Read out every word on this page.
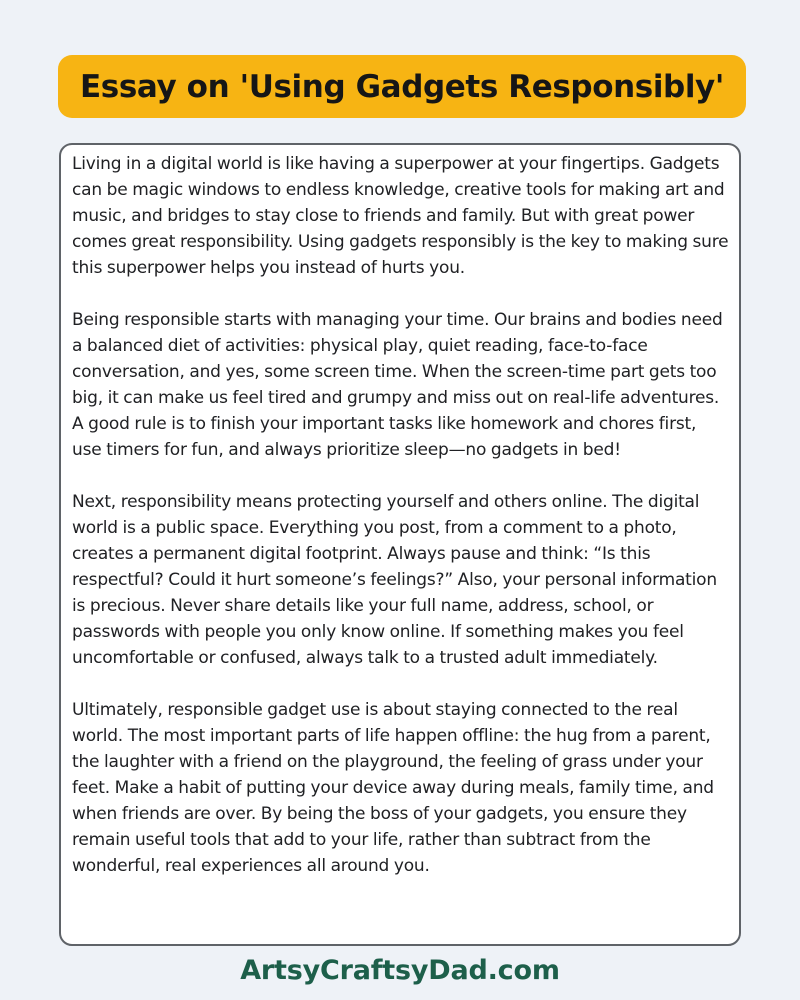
Essay on 'Using Gadgets Responsibly'

Living in a digital world is like having a superpower at your fingertips. Gadgets can be magic windows to endless knowledge, creative tools for making art and music, and bridges to stay close to friends and family. But with great power comes great responsibility. Using gadgets responsibly is the key to making sure this superpower helps you instead of hurts you.

Being responsible starts with managing your time. Our brains and bodies need a balanced diet of activities: physical play, quiet reading, face-to-face conversation, and yes, some screen time. When the screen-time part gets too big, it can make us feel tired and grumpy and miss out on real-life adventures. A good rule is to finish your important tasks like homework and chores first, use timers for fun, and always prioritize sleep—no gadgets in bed!

Next, responsibility means protecting yourself and others online. The digital world is a public space. Everything you post, from a comment to a photo, creates a permanent digital footprint. Always pause and think: “Is this respectful? Could it hurt someone’s feelings?” Also, your personal information is precious. Never share details like your full name, address, school, or passwords with people you only know online. If something makes you feel uncomfortable or confused, always talk to a trusted adult immediately.

Ultimately, responsible gadget use is about staying connected to the real world. The most important parts of life happen offline: the hug from a parent, the laughter with a friend on the playground, the feeling of grass under your feet. Make a habit of putting your device away during meals, family time, and when friends are over. By being the boss of your gadgets, you ensure they remain useful tools that add to your life, rather than subtract from the wonderful, real experiences all around you.

ArtsyCraftsyDad.com
